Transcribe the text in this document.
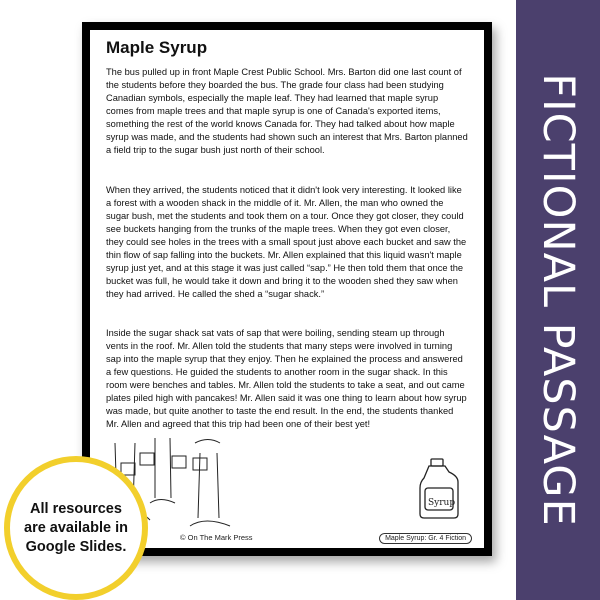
Maple Syrup

The bus pulled up in front Maple Crest Public School. Mrs. Barton did one last count of the students before they boarded the bus. The grade four class had been studying Canadian symbols, especially the maple leaf. They had learned that maple syrup comes from maple trees and that maple syrup is one of Canada's exported items, something the rest of the world knows Canada for. They had talked about how maple syrup was made, and the students had shown such an interest that Mrs. Barton planned a field trip to the sugar bush just north of their school.

When they arrived, the students noticed that it didn't look very interesting. It looked like a forest with a wooden shack in the middle of it. Mr. Allen, the man who owned the sugar bush, met the students and took them on a tour. Once they got closer, they could see buckets hanging from the trunks of the maple trees. When they got even closer, they could see holes in the trees with a small spout just above each bucket and saw the thin flow of sap falling into the buckets. Mr. Allen explained that this liquid wasn't maple syrup just yet, and at this stage it was just called “sap.” He then told them that once the bucket was full, he would take it down and bring it to the wooden shed they saw when they had arrived. He called the shed a “sugar shack.”

Inside the sugar shack sat vats of sap that were boiling, sending steam up through vents in the roof. Mr. Allen told the students that many steps were involved in turning sap into the maple syrup that they enjoy. Then he explained the process and answered a few questions. He guided the students to another room in the sugar shack. In this room were benches and tables. Mr. Allen told the students to take a seat, and out came plates piled high with pancakes! Mr. Allen said it was one thing to learn about how syrup was made, but quite another to taste the end result. In the end, the students thanked Mr. Allen and agreed that this trip had been one of their best yet!

Syrup
© On The Mark Press	Maple Syrup: Gr. 4 Fiction
All resources are available in Google Slides.
FICTIONAL PASSAGE
